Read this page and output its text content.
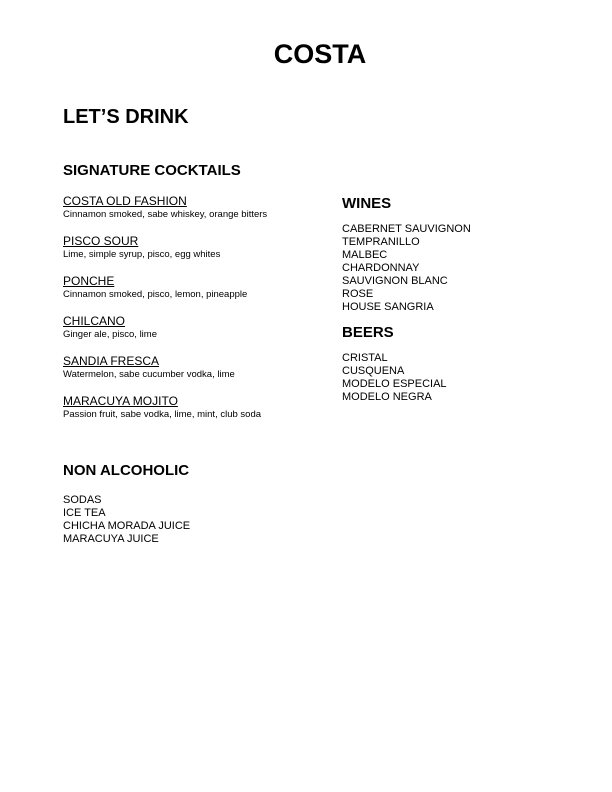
COSTA
LET’S DRINK
SIGNATURE COCKTAILS
COSTA OLD FASHION
Cinnamon smoked, sabe whiskey, orange bitters
PISCO SOUR
Lime, simple syrup, pisco, egg whites
PONCHE
Cinnamon smoked, pisco, lemon, pineapple
CHILCANO
Ginger ale, pisco, lime
SANDIA FRESCA
Watermelon, sabe cucumber vodka, lime
MARACUYA MOJITO
Passion fruit, sabe vodka, lime, mint, club soda
WINES
CABERNET SAUVIGNON
TEMPRANILLO
MALBEC
CHARDONNAY
SAUVIGNON BLANC
ROSE
HOUSE SANGRIA
BEERS
CRISTAL
CUSQUENA
MODELO ESPECIAL
MODELO NEGRA
NON ALCOHOLIC
SODAS
ICE TEA
CHICHA MORADA JUICE
MARACUYA JUICE
